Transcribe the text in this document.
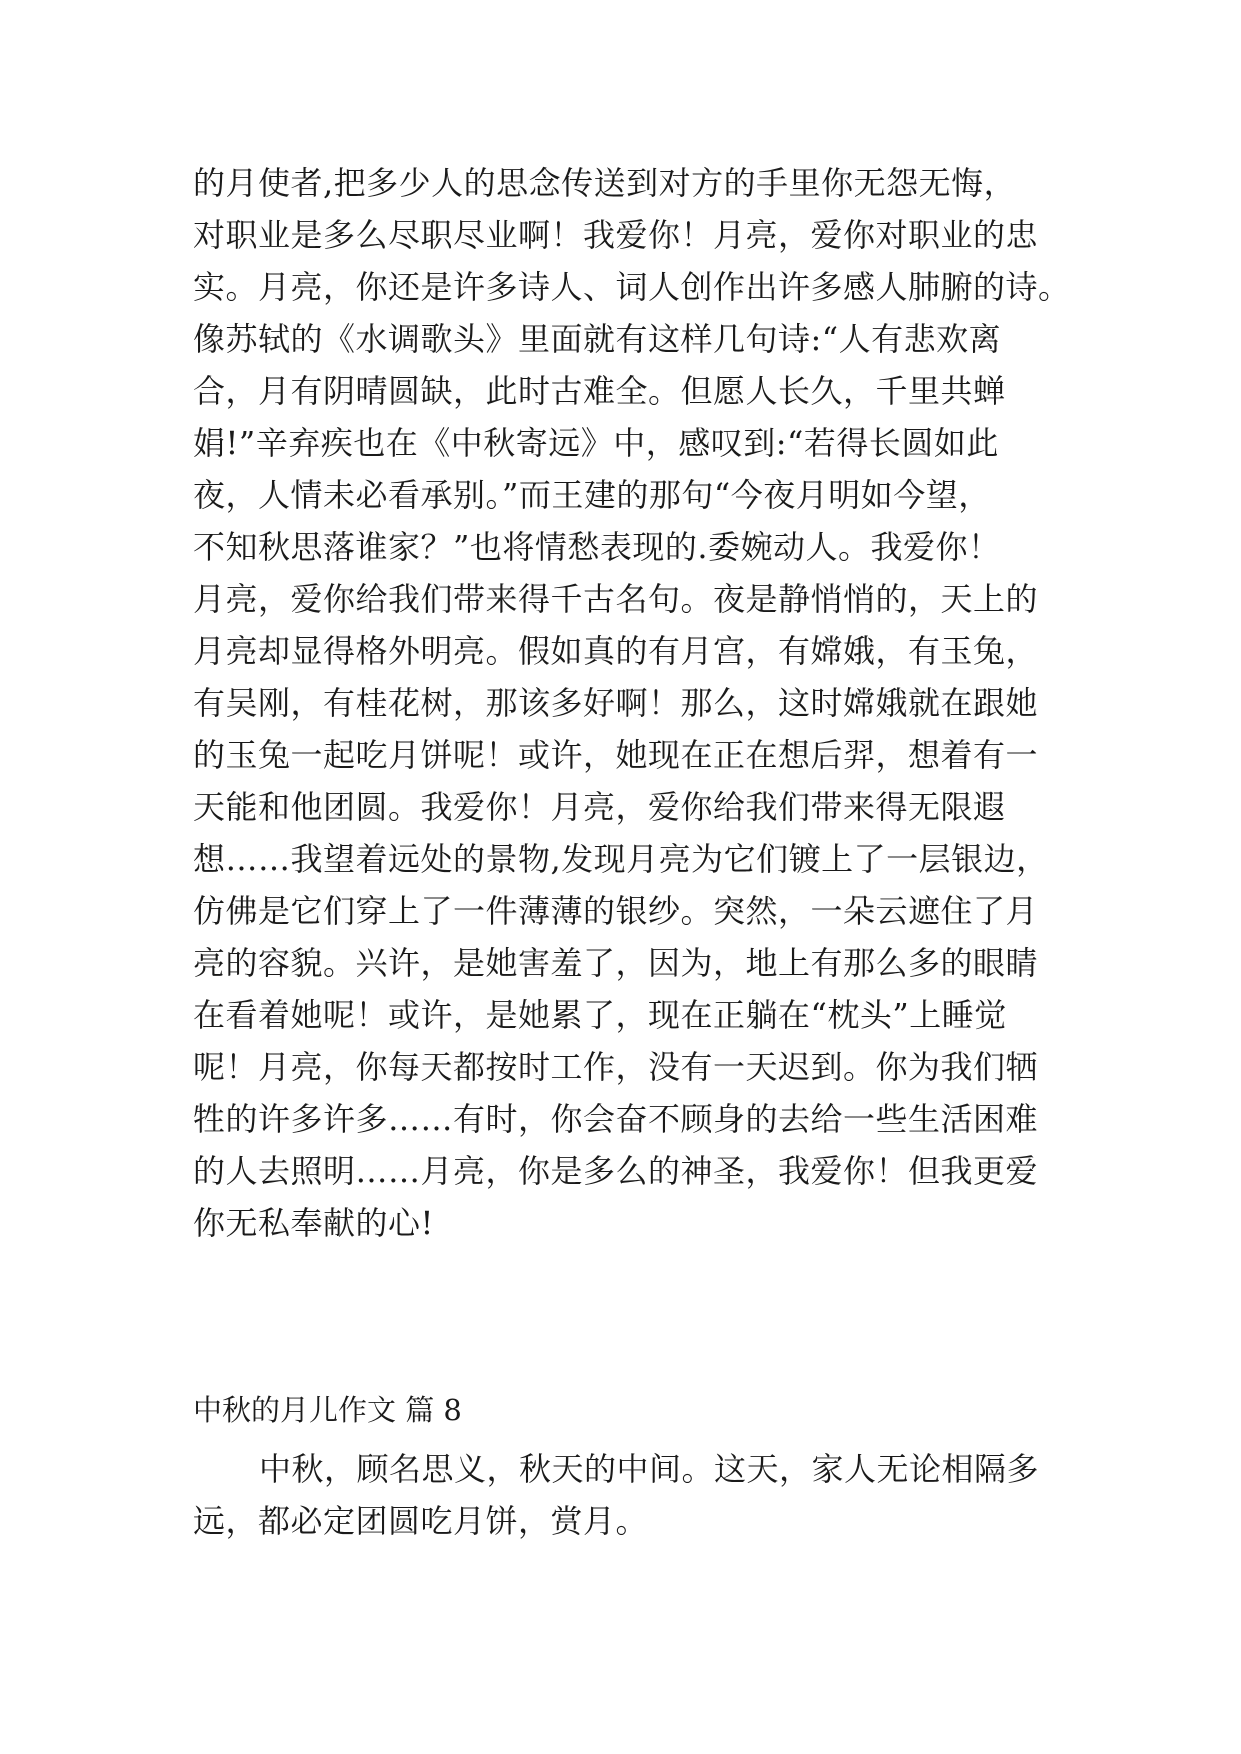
的月使者,把多少人的思念传送到对方的手里你无怨无悔，
对职业是多么尽职尽业啊！我爱你！月亮，爱你对职业的忠
实。月亮，你还是许多诗人、词人创作出许多感人肺腑的诗。
像苏轼的《水调歌头》里面就有这样几句诗:“人有悲欢离
合，月有阴晴圆缺，此时古难全。但愿人长久，千里共蝉
娟!”辛弃疾也在《中秋寄远》中，感叹到:“若得长圆如此
夜，人情未必看承别。”而王建的那句“今夜月明如今望，
不知秋思落谁家？”也将情愁表现的.委婉动人。我爱你！
月亮，爱你给我们带来得千古名句。夜是静悄悄的，天上的
月亮却显得格外明亮。假如真的有月宫，有嫦娥，有玉兔，
有吴刚，有桂花树，那该多好啊！那么，这时嫦娥就在跟她
的玉兔一起吃月饼呢！或许，她现在正在想后羿，想着有一
天能和他团圆。我爱你！月亮，爱你给我们带来得无限遐
想……我望着远处的景物,发现月亮为它们镀上了一层银边，
仿佛是它们穿上了一件薄薄的银纱。突然，一朵云遮住了月
亮的容貌。兴许，是她害羞了，因为，地上有那么多的眼睛
在看着她呢！或许，是她累了，现在正躺在“枕头”上睡觉
呢！月亮，你每天都按时工作，没有一天迟到。你为我们牺
牲的许多许多……有时，你会奋不顾身的去给一些生活困难
的人去照明……月亮，你是多么的神圣，我爱你！但我更爱
你无私奉献的心!
中秋的月儿作文 篇 8
中秋，顾名思义，秋天的中间。这天，家人无论相隔多
远，都必定团圆吃月饼，赏月。
